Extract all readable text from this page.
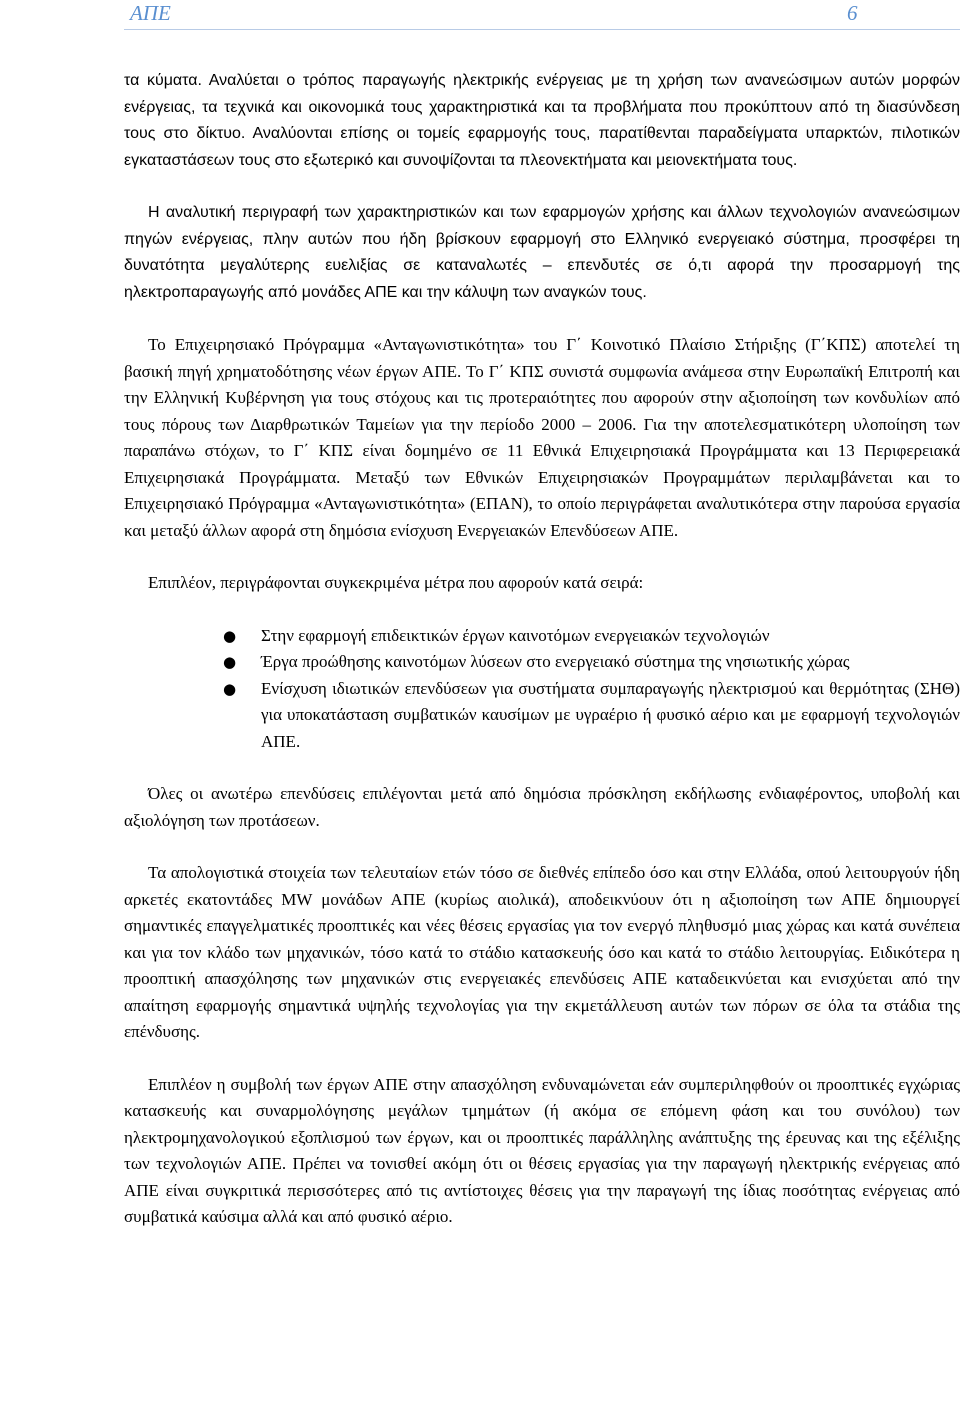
ΑΠΕ	6

τα κύματα. Αναλύεται ο τρόπος παραγωγής ηλεκτρικής ενέργειας με τη χρήση των ανανεώσιμων αυτών μορφών ενέργειας, τα τεχνικά και οικονομικά τους χαρακτηριστικά και τα προβλήματα που προκύπτουν από τη διασύνδεση τους στο δίκτυο. Αναλύονται επίσης οι τομείς εφαρμογής τους, παρατίθενται παραδείγματα υπαρκτών, πιλοτικών εγκαταστάσεων τους στο εξωτερικό και συνοψίζονται τα πλεονεκτήματα και μειονεκτήματα τους.

Η αναλυτική περιγραφή των χαρακτηριστικών και των εφαρμογών χρήσης και άλλων τεχνολογιών ανανεώσιμων πηγών ενέργειας, πλην αυτών που ήδη βρίσκουν εφαρμογή στο Ελληνικό ενεργειακό σύστημα, προσφέρει τη δυνατότητα μεγαλύτερης ευελιξίας σε καταναλωτές – επενδυτές σε ό,τι αφορά την προσαρμογή της ηλεκτροπαραγωγής από μονάδες ΑΠΕ και την κάλυψη των αναγκών τους.

Το Επιχειρησιακό Πρόγραμμα «Ανταγωνιστικότητα» του Γ΄ Κοινοτικό Πλαίσιο Στήριξης (Γ΄ΚΠΣ) αποτελεί τη βασική πηγή χρηματοδότησης νέων έργων ΑΠΕ. Το Γ΄ ΚΠΣ συνιστά συμφωνία ανάμεσα στην Ευρωπαϊκή Επιτροπή και την Ελληνική Κυβέρνηση για τους στόχους και τις προτεραιότητες που αφορούν στην αξιοποίηση των κονδυλίων από τους πόρους των Διαρθρωτικών Ταμείων για την περίοδο 2000 – 2006. Για την αποτελεσματικότερη υλοποίηση των παραπάνω στόχων, το Γ΄ ΚΠΣ είναι δομημένο σε 11 Εθνικά Επιχειρησιακά Προγράμματα και 13 Περιφερειακά Επιχειρησιακά Προγράμματα. Μεταξύ των Εθνικών Επιχειρησιακών Προγραμμάτων περιλαμβάνεται και το Επιχειρησιακό Πρόγραμμα «Ανταγωνιστικότητα» (ΕΠΑΝ), το οποίο περιγράφεται αναλυτικότερα στην παρούσα εργασία και μεταξύ άλλων αφορά στη δημόσια ενίσχυση Ενεργειακών Επενδύσεων ΑΠΕ.

Επιπλέον, περιγράφονται συγκεκριμένα μέτρα που αφορούν κατά σειρά:

● Στην εφαρμογή επιδεικτικών έργων καινοτόμων ενεργειακών τεχνολογιών
● Έργα προώθησης καινοτόμων λύσεων στο ενεργειακό σύστημα της νησιωτικής χώρας
● Ενίσχυση ιδιωτικών επενδύσεων για συστήματα συμπαραγωγής ηλεκτρισμού και θερμότητας (ΣΗΘ) για υποκατάσταση συμβατικών καυσίμων με υγραέριο ή φυσικό αέριο και με εφαρμογή τεχνολογιών ΑΠΕ.

Όλες οι ανωτέρω επενδύσεις επιλέγονται μετά από δημόσια πρόσκληση εκδήλωσης ενδιαφέροντος, υποβολή και αξιολόγηση των προτάσεων.

Τα απολογιστικά στοιχεία των τελευταίων ετών τόσο σε διεθνές επίπεδο όσο και στην Ελλάδα, οπού λειτουργούν ήδη αρκετές εκατοντάδες MW μονάδων ΑΠΕ (κυρίως αιολικά), αποδεικνύουν ότι η αξιοποίηση των ΑΠΕ δημιουργεί σημαντικές επαγγελματικές προοπτικές και νέες θέσεις εργασίας για τον ενεργό πληθυσμό μιας χώρας και κατά συνέπεια και για τον κλάδο των μηχανικών, τόσο κατά το στάδιο κατασκευής όσο και κατά το στάδιο λειτουργίας. Ειδικότερα η προοπτική απασχόλησης των μηχανικών στις ενεργειακές επενδύσεις ΑΠΕ καταδεικνύεται και ενισχύεται από την απαίτηση εφαρμογής σημαντικά υψηλής τεχνολογίας για την εκμετάλλευση αυτών των πόρων σε όλα τα στάδια της επένδυσης.

Επιπλέον η συμβολή των έργων ΑΠΕ στην απασχόληση ενδυναμώνεται εάν συμπεριληφθούν οι προοπτικές εγχώριας κατασκευής και συναρμολόγησης μεγάλων τμημάτων (ή ακόμα σε επόμενη φάση και του συνόλου) των ηλεκτρομηχανολογικού εξοπλισμού των έργων, και οι προοπτικές παράλληλης ανάπτυξης της έρευνας και της εξέλιξης των τεχνολογιών ΑΠΕ. Πρέπει να τονισθεί ακόμη ότι οι θέσεις εργασίας για την παραγωγή ηλεκτρικής ενέργειας από ΑΠΕ είναι συγκριτικά περισσότερες από τις αντίστοιχες θέσεις για την παραγωγή της ίδιας ποσότητας ενέργειας από συμβατικά καύσιμα αλλά και από φυσικό αέριο.
